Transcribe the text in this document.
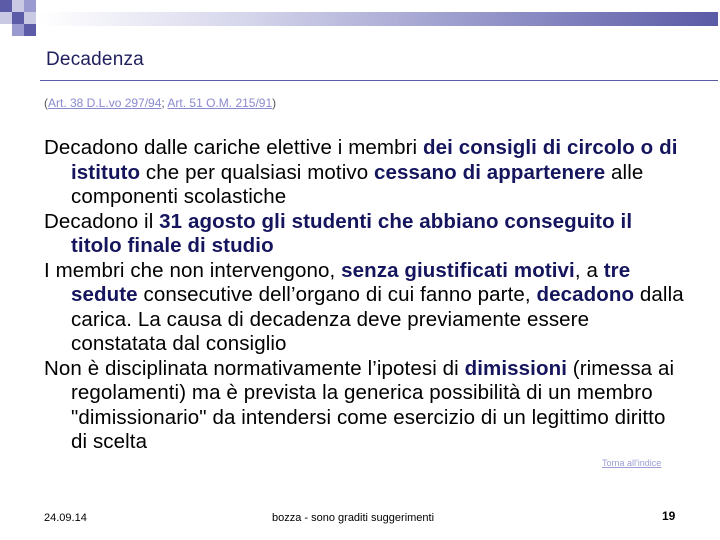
Decadenza
(Art. 38 D.L.vo 297/94; Art. 51 O.M. 215/91)

Decadono dalle cariche elettive i membri dei consigli di circolo o di istituto che per qualsiasi motivo cessano di appartenere alle componenti scolastiche

Decadono il 31 agosto gli studenti che abbiano conseguito il titolo finale di studio

I membri che non intervengono, senza giustificati motivi, a tre sedute consecutive dell’organo di cui fanno parte, decadono dalla carica. La causa di decadenza deve previamente essere constatata dal consiglio

Non è disciplinata normativamente l’ipotesi di dimissioni (rimessa ai regolamenti) ma è prevista la generica possibilità di un membro "dimissionario" da intendersi come esercizio di un legittimo diritto di scelta

Torna all'indice
24.09.14	bozza - sono graditi suggerimenti	19
